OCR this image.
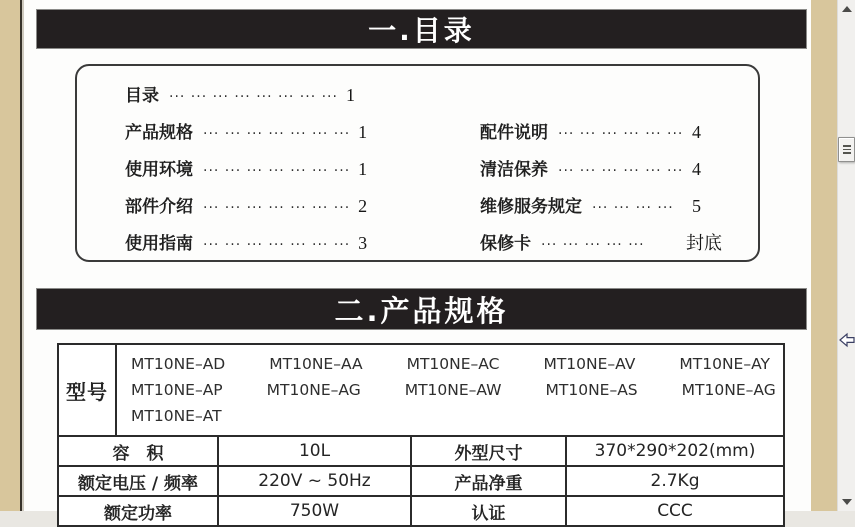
一.目录
目录 ··· ··· ··· ··· ··· ··· ··· ··· 1
产品规格 ··· ··· ··· ··· ··· ··· ··· 1
使用环境 ··· ··· ··· ··· ··· ··· ··· 1
部件介绍 ··· ··· ··· ··· ··· ··· ··· 2
使用指南 ··· ··· ··· ··· ··· ··· ··· 3
配件说明 ··· ··· ··· ··· ··· ··· 4
清洁保养 ··· ··· ··· ··· ··· ··· 4
维修服务规定 ··· ··· ··· ···	5
保修卡 ··· ··· ··· ··· ···	封底
二.产品规格
型号	
MT10NE–AD	MT10NE–AA	MT10NE–AC	MT10NE–AV	MT10NE–AY
MT10NE–AP	MT10NE–AG	MT10NE–AW	MT10NE–AS	MT10NE–AG
MT10NE–AT

容　积		10L	外型尺寸	370*290*202(mm)
额定电压 / 频率		220V ~ 50Hz	产品净重	2.7Kg
额定功率		750W	认证	CCC
